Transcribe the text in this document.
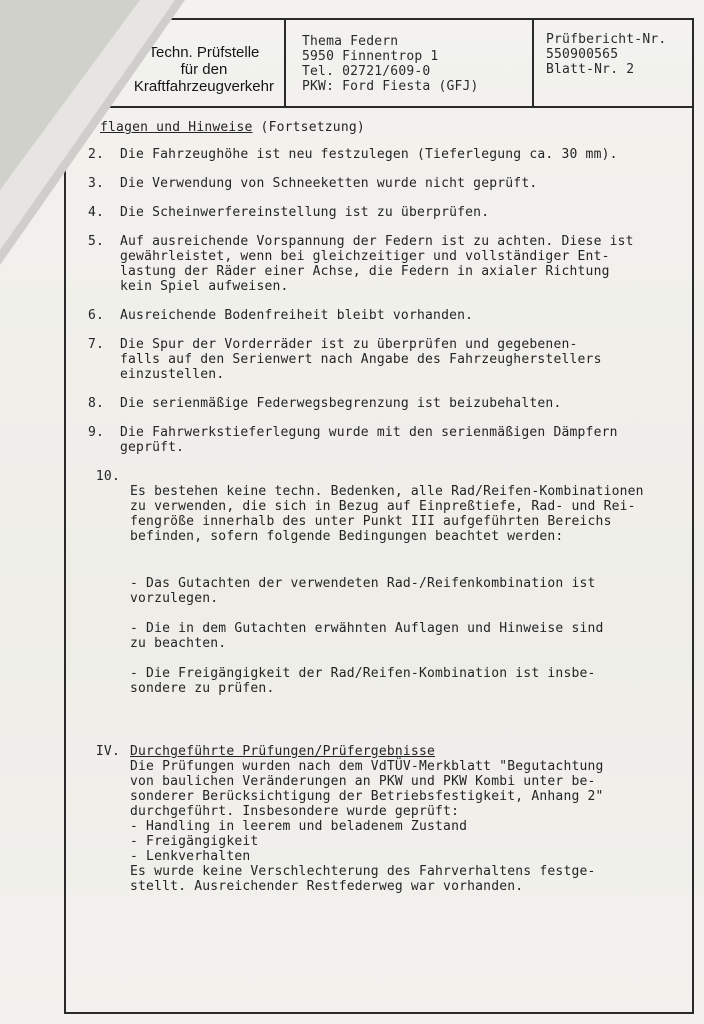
Techn. Prüfstelle
für den
Kraftfahrzeugverkehr
Thema Federn
5950 Finnentrop 1
Tel. 02721/609-0
PKW: Ford Fiesta (GFJ)
Prüfbericht-Nr.
550900565
Blatt-Nr. 2
flagen und Hinweise (Fortsetzung)
2.	Die Fahrzeughöhe ist neu festzulegen (Tieferlegung ca. 30 mm).
3.	Die Verwendung von Schneeketten wurde nicht geprüft.
4.	Die Scheinwerfereinstellung ist zu überprüfen.
5.	Auf ausreichende Vorspannung der Federn ist zu achten. Diese ist
gewährleistet, wenn bei gleichzeitiger und vollständiger Ent-
lastung der Räder einer Achse, die Federn in axialer Richtung
kein Spiel aufweisen.
6.	Ausreichende Bodenfreiheit bleibt vorhanden.
7.	Die Spur der Vorderräder ist zu überprüfen und gegebenen-
falls auf den Serienwert nach Angabe des Fahrzeugherstellers
einzustellen.
8.	Die serienmäßige Federwegsbegrenzung ist beizubehalten.
9.	Die Fahrwerkstieferlegung wurde mit den serienmäßigen Dämpfern
geprüft.
10.

Es bestehen keine techn. Bedenken, alle Rad/Reifen-Kombinationen
zu verwenden, die sich in Bezug auf Einpreßtiefe, Rad- und Rei-
fengröße innerhalb des unter Punkt III aufgeführten Bereichs
befinden, sofern folgende Bedingungen beachtet werden:

- Das Gutachten der verwendeten Rad-/Reifenkombination ist
vorzulegen.

- Die in dem Gutachten erwähnten Auflagen und Hinweise sind
zu beachten.

- Die Freigängigkeit der Rad/Reifen-Kombination ist insbe-
sondere zu prüfen.

IV. Durchgeführte Prüfungen/Prüfergebnisse
Die Prüfungen wurden nach dem VdTÜV-Merkblatt "Begutachtung
von baulichen Veränderungen an PKW und PKW Kombi unter be-
sonderer Berücksichtigung der Betriebsfestigkeit, Anhang 2"
durchgeführt. Insbesondere wurde geprüft:
- Handling in leerem und beladenem Zustand
- Freigängigkeit
- Lenkverhalten
Es wurde keine Verschlechterung des Fahrverhaltens festge-
stellt. Ausreichender Restfederweg war vorhanden.
